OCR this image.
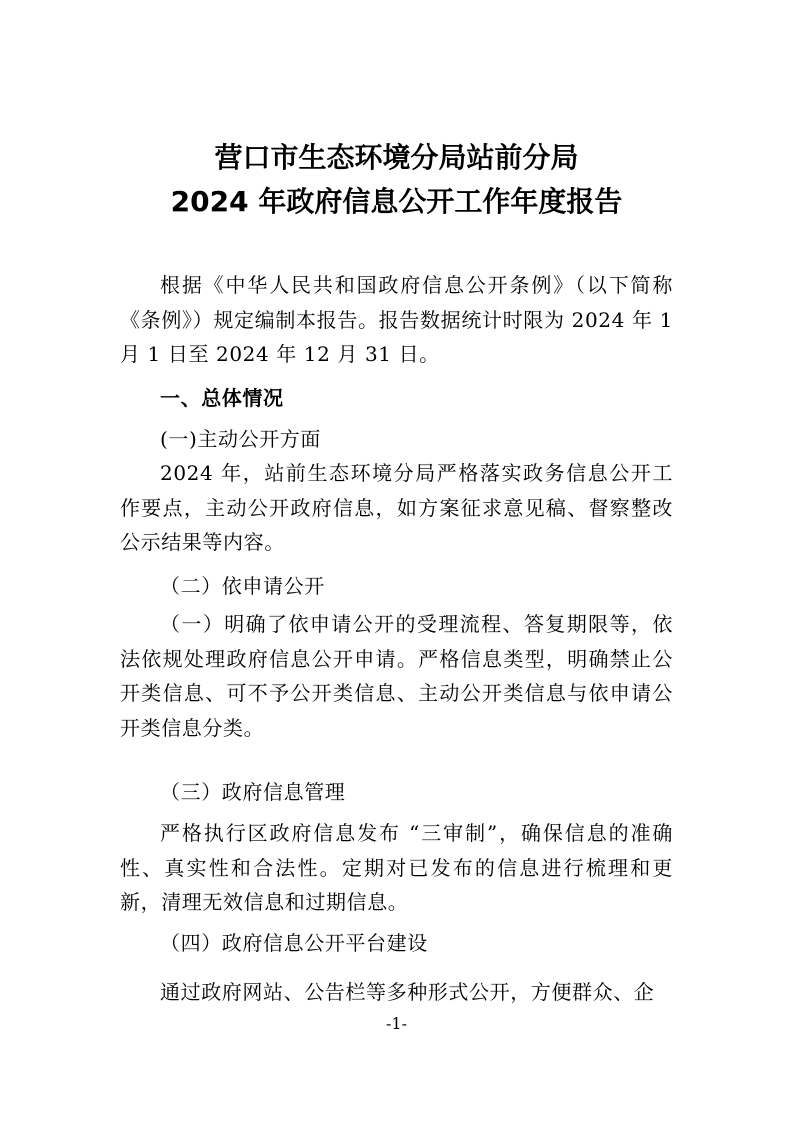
营口市生态环境分局站前分局
2024 年政府信息公开工作年度报告
根据《中华人民共和国政府信息公开条例》（以下简称《条例》）规定编制本报告。报告数据统计时限为 2024 年 1 月 1 日至 2024 年 12 月 31 日。
一、总体情况
(一)主动公开方面
2024 年，站前生态环境分局严格落实政务信息公开工作要点，主动公开政府信息，如方案征求意见稿、督察整改公示结果等内容。
（二）依申请公开
（一）明确了依申请公开的受理流程、答复期限等，依法依规处理政府信息公开申请。严格信息类型，明确禁止公开类信息、可不予公开类信息、主动公开类信息与依申请公开类信息分类。
（三）政府信息管理
严格执行区政府信息发布 “三审制”，确保信息的准确性、真实性和合法性。定期对已发布的信息进行梳理和更新，清理无效信息和过期信息。
（四）政府信息公开平台建设
通过政府网站、公告栏等多种形式公开，方便群众、企
-1-
